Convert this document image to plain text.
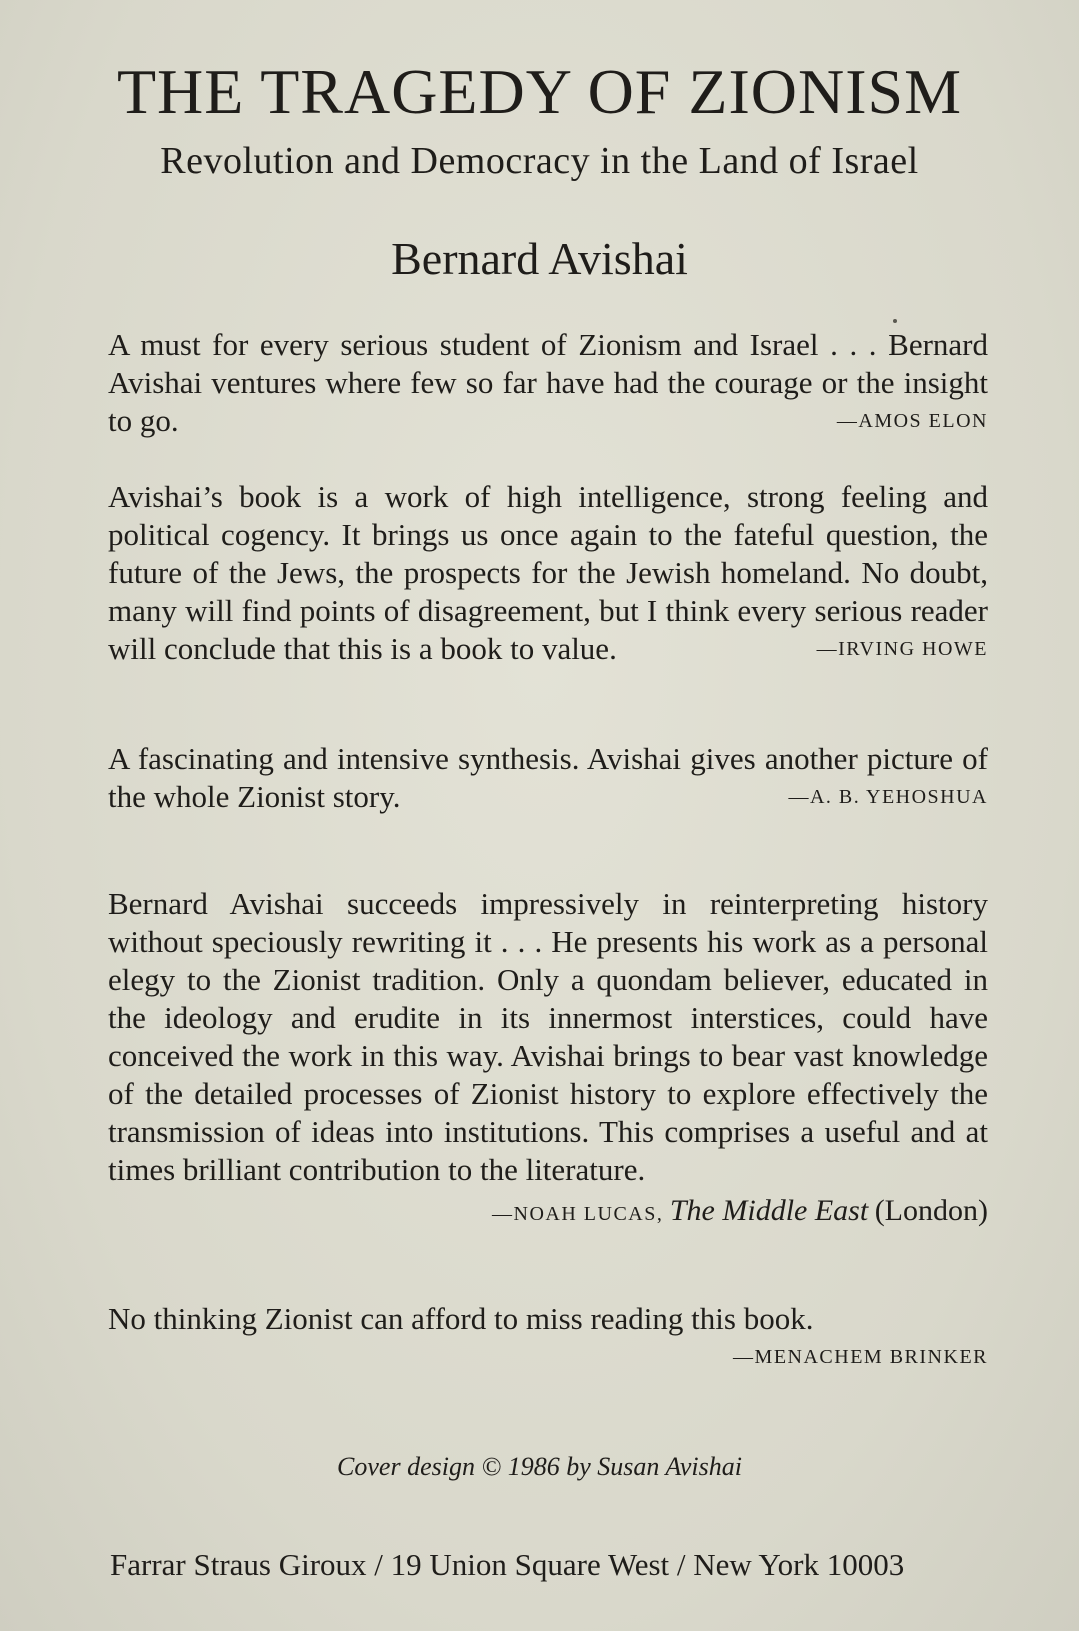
THE TRAGEDY OF ZIONISM
Revolution and Democracy in the Land of Israel
Bernard Avishai

A must for every serious student of Zionism and Israel . . . Bernard Avishai ventures where few so far have had the courage or the insight to go.	—AMOS ELON

Avishai’s book is a work of high intelligence, strong feeling and political cogency. It brings us once again to the fateful question, the future of the Jews, the prospects for the Jewish homeland. No doubt, many will find points of disagreement, but I think every serious reader will conclude that this is a book to value.	—IRVING HOWE

A fascinating and intensive synthesis. Avishai gives another picture of the whole Zionist story.	—A. B. YEHOSHUA

Bernard Avishai succeeds impressively in reinterpreting history without speciously rewriting it . . . He presents his work as a personal elegy to the Zionist tradition. Only a quondam believer, educated in the ideology and erudite in its innermost interstices, could have conceived the work in this way. Avishai brings to bear vast knowledge of the detailed processes of Zionist history to explore effectively the transmission of ideas into institutions. This comprises a useful and at times brilliant contribution to the literature.

—NOAH LUCAS, The Middle East (London)

No thinking Zionist can afford to miss reading this book.

—MENACHEM BRINKER
Cover design © 1986 by Susan Avishai
Farrar Straus Giroux / 19 Union Square West / New York 10003
